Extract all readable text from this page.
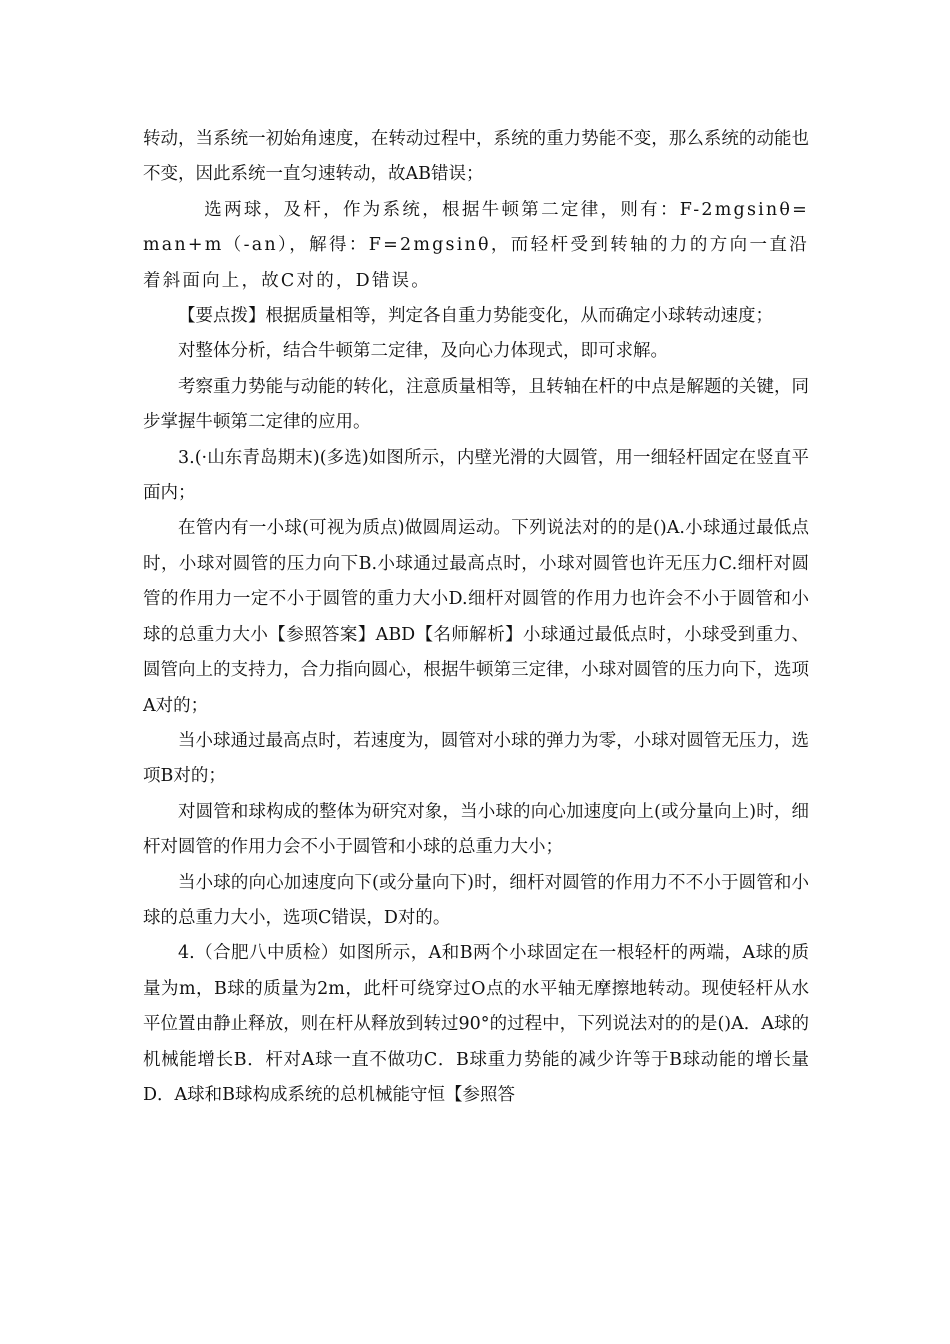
转动，当系统一初始角速度，在转动过程中，系统的重力势能不变，那么系统的动能也不变，因此系统一直匀速转动，故AB错误；

选两球，及杆，作为系统，根据牛顿第二定律，则有：F-2mgsinθ=man+m（-an），解得：F=2mgsinθ，而轻杆受到转轴的力的方向一直沿着斜面向上，故C对的，D错误。

【要点拨】根据质量相等，判定各自重力势能变化，从而确定小球转动速度；

对整体分析，结合牛顿第二定律，及向心力体现式，即可求解。

考察重力势能与动能的转化，注意质量相等，且转轴在杆的中点是解题的关键，同步掌握牛顿第二定律的应用。

3.(·山东青岛期末)(多选)如图所示，内壁光滑的大圆管，用一细轻杆固定在竖直平面内；

在管内有一小球(可视为质点)做圆周运动。下列说法对的的是()A.小球通过最低点时，小球对圆管的压力向下B.小球通过最高点时，小球对圆管也许无压力C.细杆对圆管的作用力一定不小于圆管的重力大小D.细杆对圆管的作用力也许会不小于圆管和小球的总重力大小【参照答案】ABD【名师解析】小球通过最低点时，小球受到重力、圆管向上的支持力，合力指向圆心，根据牛顿第三定律，小球对圆管的压力向下，选项A对的；

当小球通过最高点时，若速度为，圆管对小球的弹力为零，小球对圆管无压力，选项B对的；

对圆管和球构成的整体为研究对象，当小球的向心加速度向上(或分量向上)时，细杆对圆管的作用力会不小于圆管和小球的总重力大小；

当小球的向心加速度向下(或分量向下)时，细杆对圆管的作用力不不小于圆管和小球的总重力大小，选项C错误，D对的。

4.（合肥八中质检）如图所示，A和B两个小球固定在一根轻杆的两端，A球的质量为m，B球的质量为2m，此杆可绕穿过O点的水平轴无摩擦地转动。现使轻杆从水平位置由静止释放，则在杆从释放到转过90°的过程中，下列说法对的的是()A．A球的机械能增长B．杆对A球一直不做功C．B球重力势能的减少许等于B球动能的增长量D．A球和B球构成系统的总机械能守恒【参照答
